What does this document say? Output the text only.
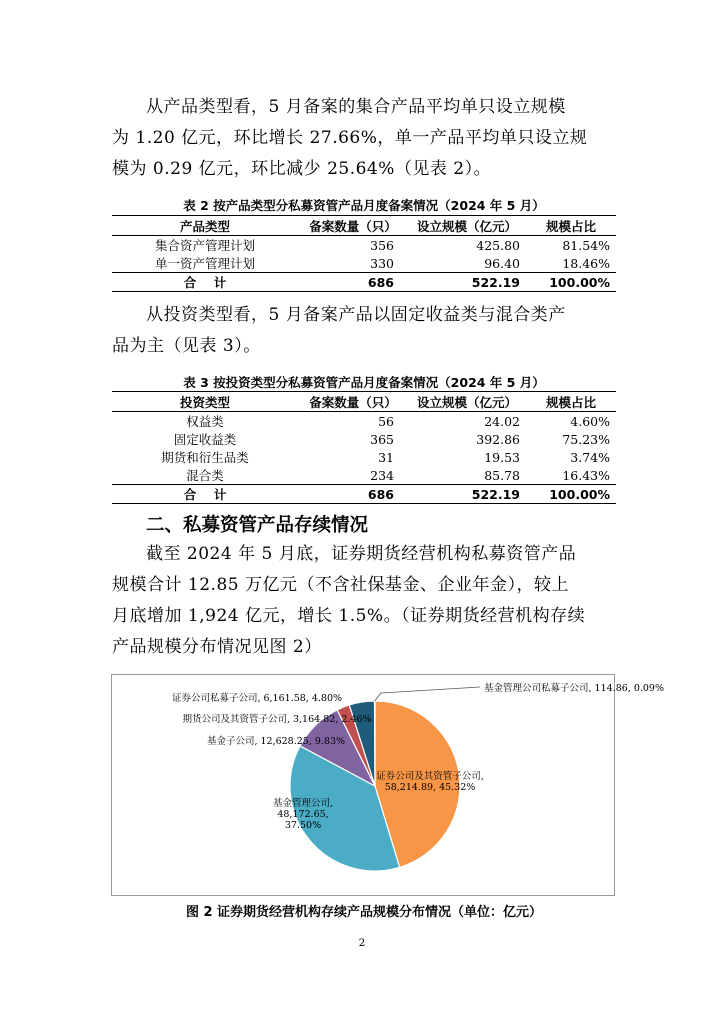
从产品类型看，5 月备案的集合产品平均单只设立规模

为 1.20 亿元，环比增长 27.66%，单一产品平均单只设立规

模为 0.29 亿元，环比减少 25.64%（见表 2）。

表 2 按产品类型分私募资管产品月度备案情况（2024 年 5 月）
产品类型	备案数量（只）	设立规模（亿元）	规模占比
集合资产管理计划	356	425.80	81.54%
单一资产管理计划	330	96.40	18.46%
合    计	686	522.19	100.00%

从投资类型看，5 月备案产品以固定收益类与混合类产

品为主（见表 3）。

表 3 按投资类型分私募资管产品月度备案情况（2024 年 5 月）
投资类型	备案数量（只）	设立规模（亿元）	规模占比
权益类	56	24.02	4.60%
固定收益类	365	392.86	75.23%
期货和衍生品类	31	19.53	3.74%
混合类	234	85.78	16.43%
合    计	686	522.19	100.00%
二、私募资管产品存续情况

截至 2024 年 5 月底，证券期货经营机构私募资管产品

规模合计 12.85 万亿元（不含社保基金、企业年金），较上

月底增加 1,924 亿元，增长 1.5%。（证券期货经营机构存续

产品规模分布情况见图 2）

证券公司及其资管子公司, 58,214.89, 45.32%
基金管理公司, 48,172.65, 37.50%
基金子公司, 12,628.25, 9.83%
期货公司及其资管子公司, 3,164.82, 2.46%
证券公司私募子公司, 6,161.58, 4.80%
基金管理公司私募子公司, 114.86, 0.09%
图 2 证券期货经营机构存续产品规模分布情况（单位：亿元）
2
